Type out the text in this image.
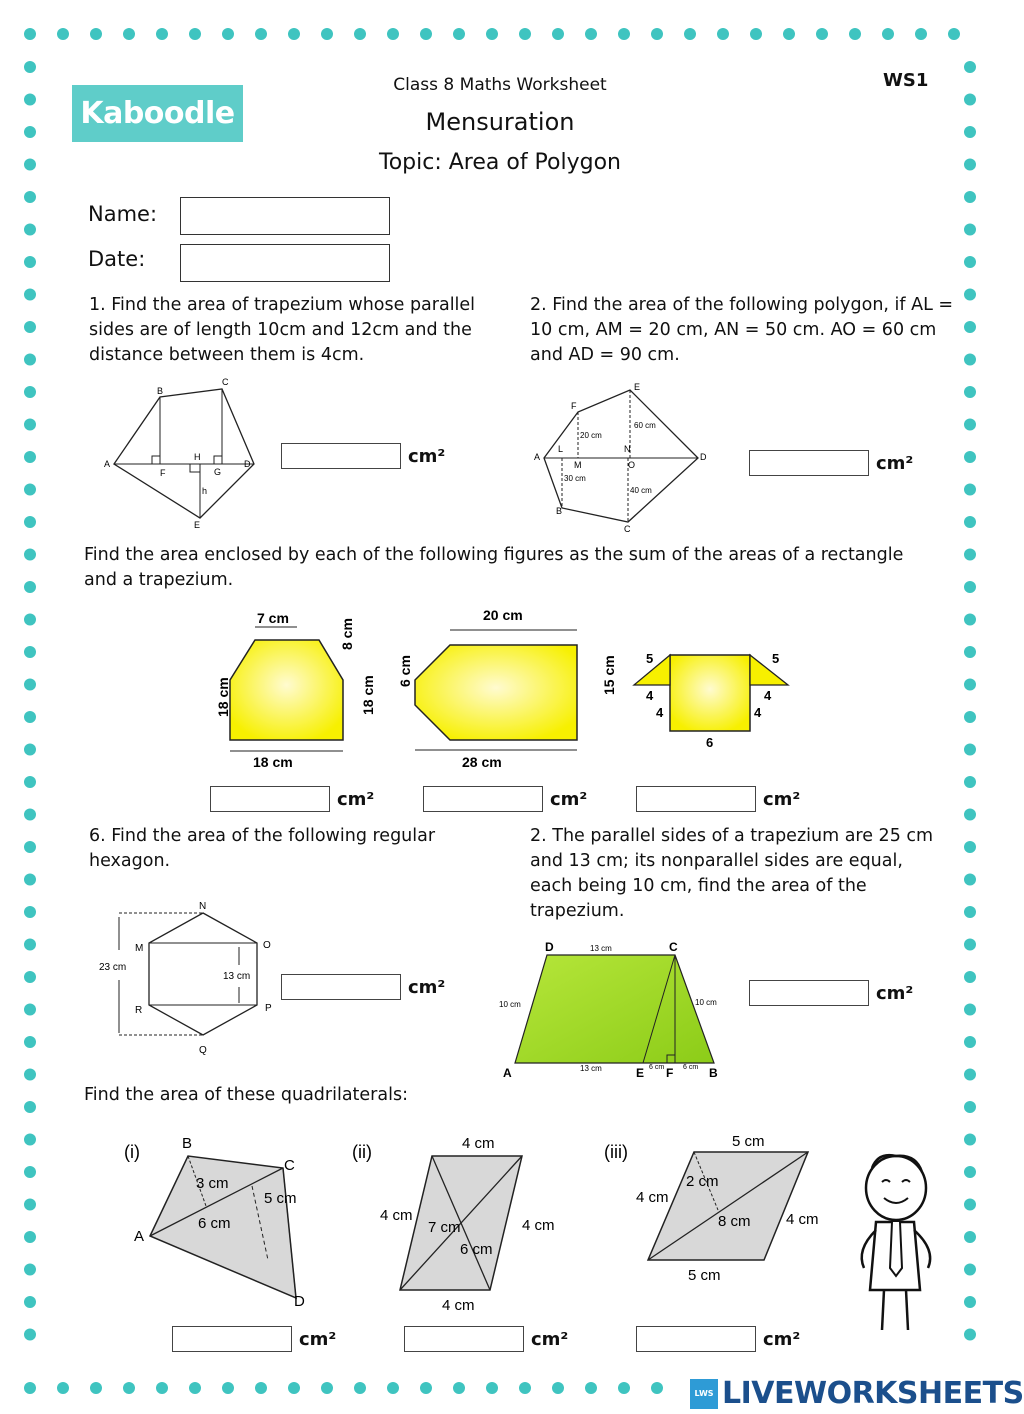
Kaboodle
Class 8 Maths Worksheet
Mensuration
Topic: Area of Polygon
WS1
Name:
Date:
1. Find the area of trapezium whose parallel sides are of length 10cm and 12cm and the distance between them is 4cm.
B
C
A	D
F
H
G
h
E
cm²
2. Find the area of the following polygon, if AL = 10 cm, AM = 20 cm, AN = 50 cm. AO = 60 cm and AD = 90 cm.
E
F
60 cm
20 cm
A
L	N
D
M	O
30 cm
40 cm
B
C
cm²
Find the area enclosed by each of the following figures as the sum of the areas of a rectangle and a trapezium.
7 cm
8 cm
18 cm	18 cm
18 cm
20 cm
6 cm	15 cm
28 cm
5	5
4	4
4	4
6
cm²	cm²	cm²
6. Find the area of the following regular hexagon.
N
M	O
23 cm
13 cm
R	P
Q
cm²
2. The parallel sides of a trapezium are 25 cm and 13 cm; its nonparallel sides are equal, each being 10 cm, find the area of the trapezium.
D	13 cm	C
10 cm	10 cm
A	13 cm	E 6 cm F 6 cm B
cm²
Find the area of these quadrilaterals:
(i)	B
C
3 cm
5 cm
6 cm
A
D
(ii)	4 cm
4 cm
4 cm
7 cm
6 cm
4 cm
(iii)
5 cm
4 cm
2 cm
8 cm 4 cm
5 cm
cm²	cm²	cm²
LWS LIVEWORKSHEETS
